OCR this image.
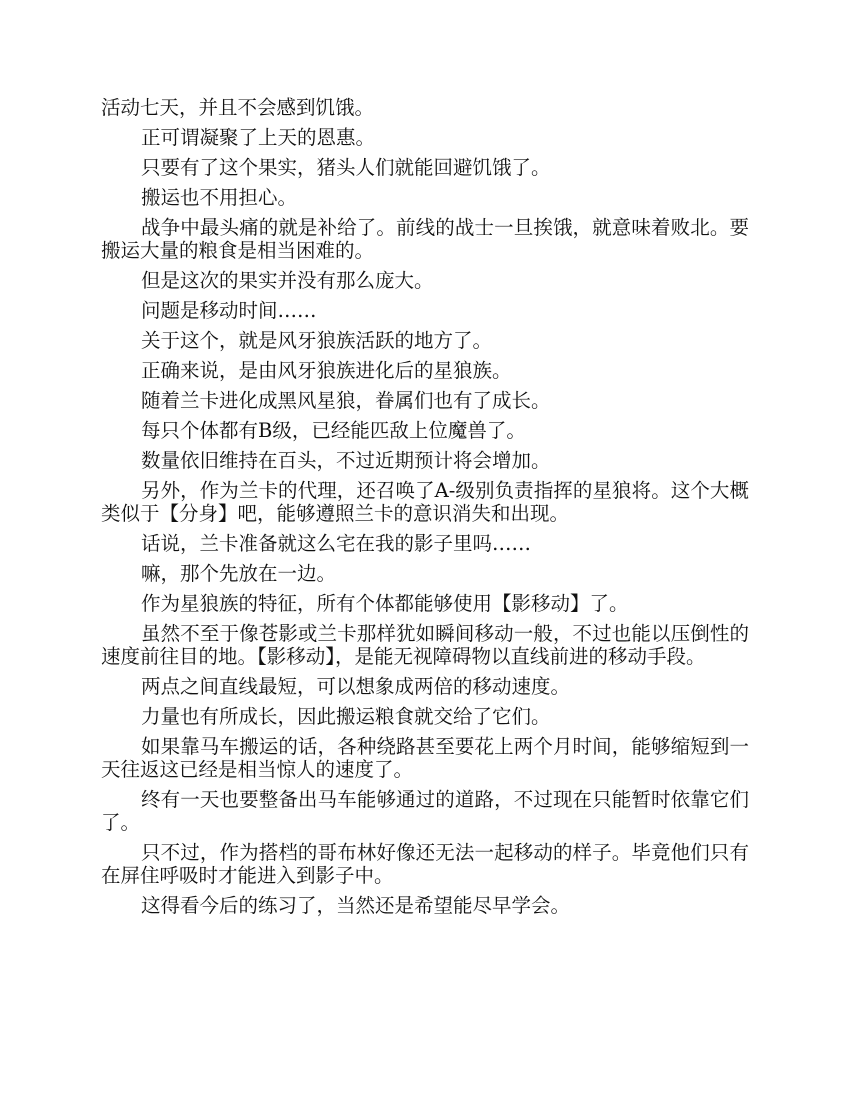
活动七天，并且不会感到饥饿。

正可谓凝聚了上天的恩惠。

只要有了这个果实，猪头人们就能回避饥饿了。

搬运也不用担心。

战争中最头痛的就是补给了。前线的战士一旦挨饿，就意味着败北。要搬运大量的粮食是相当困难的。

但是这次的果实并没有那么庞大。

问题是移动时间……

关于这个，就是风牙狼族活跃的地方了。

正确来说，是由风牙狼族进化后的星狼族。

随着兰卡进化成黑风星狼，眷属们也有了成长。

每只个体都有B级，已经能匹敌上位魔兽了。

数量依旧维持在百头，不过近期预计将会增加。

另外，作为兰卡的代理，还召唤了A-级别负责指挥的星狼将。这个大概类似于【分身】吧，能够遵照兰卡的意识消失和出现。

话说，兰卡准备就这么宅在我的影子里吗……

嘛，那个先放在一边。

作为星狼族的特征，所有个体都能够使用【影移动】了。

虽然不至于像苍影或兰卡那样犹如瞬间移动一般，不过也能以压倒性的速度前往目的地。【影移动】，是能无视障碍物以直线前进的移动手段。

两点之间直线最短，可以想象成两倍的移动速度。

力量也有所成长，因此搬运粮食就交给了它们。

如果靠马车搬运的话，各种绕路甚至要花上两个月时间，能够缩短到一天往返这已经是相当惊人的速度了。

终有一天也要整备出马车能够通过的道路，不过现在只能暂时依靠它们了。

只不过，作为搭档的哥布林好像还无法一起移动的样子。毕竟他们只有在屏住呼吸时才能进入到影子中。

这得看今后的练习了，当然还是希望能尽早学会。
